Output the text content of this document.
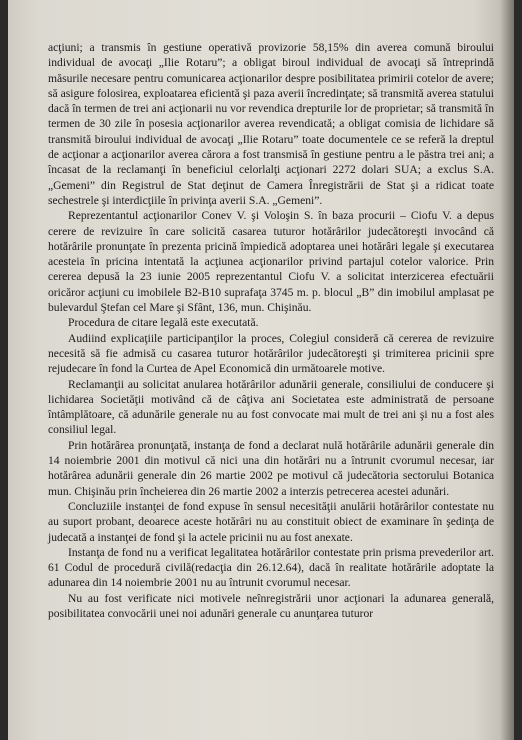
acţiuni; a transmis în gestiune operativă provizorie 58,15% din averea comună biroului individual de avocaţi „Ilie Rotaru”; a obligat biroul individual de avocaţi să întreprindă măsurile necesare pentru comunicarea acţionarilor despre posibilitatea primirii cotelor de avere; să asigure folosirea, exploatarea eficientă şi paza averii încredinţate; să transmită averea statului dacă în termen de trei ani acţionarii nu vor revendica drepturile lor de proprietar; să transmită în termen de 30 zile în posesia acţionarilor averea revendicată; a obligat comisia de lichidare să transmită biroului individual de avocaţi „Ilie Rotaru” toate documentele ce se referă la dreptul de acţionar a acţionarilor averea cărora a fost transmisă în gestiune pentru a le păstra trei ani; a încasat de la reclamanţi în beneficiul celorlalţi acţionari 2272 dolari SUA; a exclus S.A. „Gemeni” din Registrul de Stat deţinut de Camera Înregistrării de Stat şi a ridicat toate sechestrele şi interdicţiile în privinţa averii S.A. „Gemeni”.

Reprezentantul acţionarilor Conev V. şi Voloşin S. în baza procurii – Ciofu V. a depus cerere de revizuire în care solicită casarea tuturor hotărârilor judecătoreşti invocând că hotărârile pronunţate în prezenta pricină împiedică adoptarea unei hotărâri legale şi executarea acesteia în pricina intentată la acţiunea acţionarilor privind partajul cotelor valorice. Prin cererea depusă la 23 iunie 2005 reprezentantul Ciofu V. a solicitat interzicerea efectuării oricăror acţiuni cu imobilele B2-B10 suprafaţa 3745 m. p. blocul „B” din imobilul amplasat pe bulevardul Ştefan cel Mare şi Sfânt, 136, mun. Chişinău.

Procedura de citare legală este executată.

Audiind explicaţiile participanţilor la proces, Colegiul consideră că cererea de revizuire necesită să fie admisă cu casarea tuturor hotărârilor judecătoreşti şi trimiterea pricinii spre rejudecare în fond la Curtea de Apel Economică din următoarele motive.

Reclamanţii au solicitat anularea hotărârilor adunării generale, consiliului de conducere şi lichidarea Societăţii motivând că de câţiva ani Societatea este administrată de persoane întâmplătoare, că adunările generale nu au fost convocate mai mult de trei ani şi nu a fost ales consiliul legal.

Prin hotărârea pronunţată, instanţa de fond a declarat nulă hotărârile adunării generale din 14 noiembrie 2001 din motivul că nici una din hotărâri nu a întrunit cvorumul necesar, iar hotărârea adunării generale din 26 martie 2002 pe motivul că judecătoria sectorului Botanica mun. Chişinău prin încheierea din 26 martie 2002 a interzis petrecerea acestei adunări.

Concluziile instanţei de fond expuse în sensul necesităţii anulării hotărârilor contestate nu au suport probant, deoarece aceste hotărâri nu au constituit obiect de examinare în şedinţa de judecată a instanţei de fond şi la actele pricinii nu au fost anexate.

Instanţa de fond nu a verificat legalitatea hotărârilor contestate prin prisma prevederilor art. 61 Codul de procedură civilă(redacţia din 26.12.64), dacă în realitate hotărârile adoptate la adunarea din 14 noiembrie 2001 nu au întrunit cvorumul necesar.

Nu au fost verificate nici motivele neînregistrării unor acţionari la adunarea generală, posibilitatea convocării unei noi adunări generale cu anunţarea tuturor
